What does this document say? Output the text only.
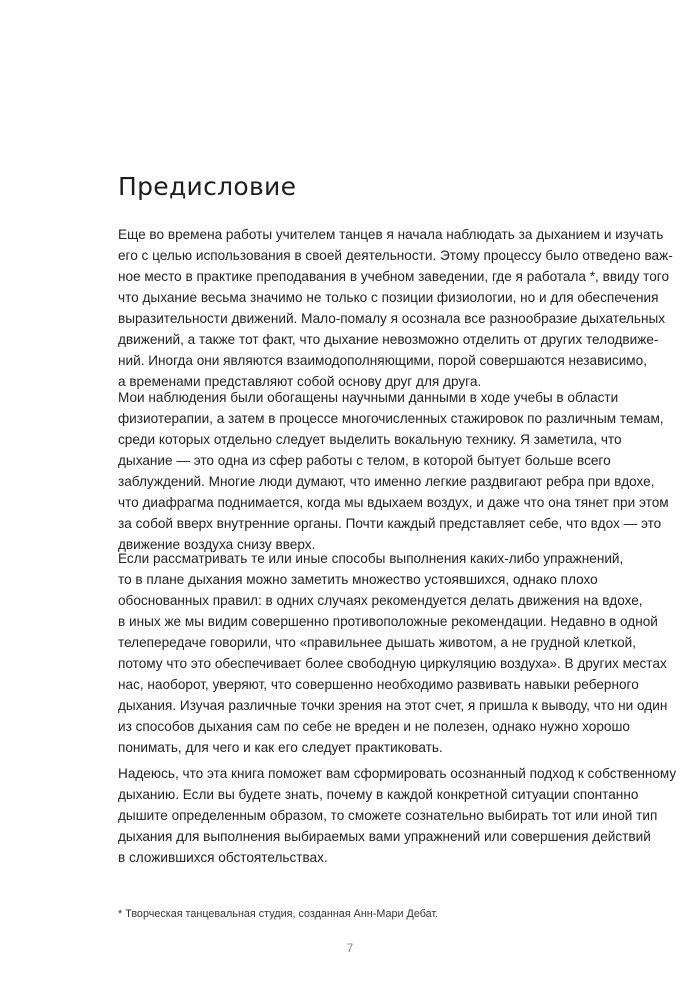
Предисловие

Еще во времена работы учителем танцев я начала наблюдать за дыханием и изучать
его с целью использования в своей деятельности. Этому процессу было отведено важ-
ное место в практике преподавания в учебном заведении, где я работала *, ввиду того
что дыхание весьма значимо не только с позиции физиологии, но и для обеспечения
выразительности движений. Мало-помалу я осознала все разнообразие дыхательных
движений, а также тот факт, что дыхание невозможно отделить от других телодвиже-
ний. Иногда они являются взаимодополняющими, порой совершаются независимо,
а временами представляют собой основу друг для друга.

Мои наблюдения были обогащены научными данными в ходе учебы в области
физиотерапии, а затем в процессе многочисленных стажировок по различным темам,
среди которых отдельно следует выделить вокальную технику. Я заметила, что
дыхание — это одна из сфер работы с телом, в которой бытует больше всего
заблуждений. Многие люди думают, что именно легкие раздвигают ребра при вдохе,
что диафрагма поднимается, когда мы вдыхаем воздух, и даже что она тянет при этом
за собой вверх внутренние органы. Почти каждый представляет себе, что вдох — это
движение воздуха снизу вверх.

Если рассматривать те или иные способы выполнения каких-либо упражнений,
то в плане дыхания можно заметить множество устоявшихся, однако плохо
обоснованных правил: в одних случаях рекомендуется делать движения на вдохе,
в иных же мы видим совершенно противоположные рекомендации. Недавно в одной
телепередаче говорили, что «правильнее дышать животом, а не грудной клеткой,
потому что это обеспечивает более свободную циркуляцию воздуха». В других местах
нас, наоборот, уверяют, что совершенно необходимо развивать навыки реберного
дыхания. Изучая различные точки зрения на этот счет, я пришла к выводу, что ни один
из способов дыхания сам по себе не вреден и не полезен, однако нужно хорошо
понимать, для чего и как его следует практиковать.

Надеюсь, что эта книга поможет вам сформировать осознанный подход к собственному
дыханию. Если вы будете знать, почему в каждой конкретной ситуации спонтанно
дышите определенным образом, то сможете сознательно выбирать тот или иной тип
дыхания для выполнения выбираемых вами упражнений или совершения действий
в сложившихся обстоятельствах.

* Творческая танцевальная студия, созданная Анн-Мари Дебат.
7
